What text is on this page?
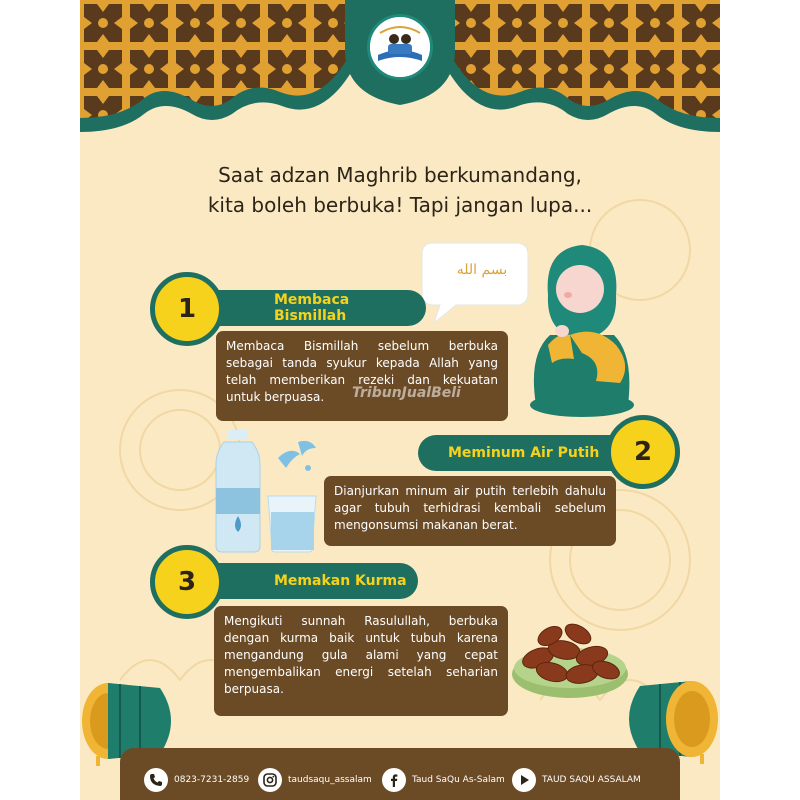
Saat adzan Maghrib berkumandang,
kita boleh berbuka! Tapi jangan lupa...
بسم الله
Membaca Bismillah
1
Membaca Bismillah sebelum berbuka sebagai tanda syukur kepada Allah yang telah memberikan rezeki dan kekuatan untuk berpuasa.
Meminum Air Putih 2
Dianjurkan minum air putih terlebih dahulu agar tubuh terhidrasi kembali sebelum mengonsumsi makanan berat.
Memakan Kurma
3
Mengikuti sunnah Rasulullah, berbuka dengan kurma baik untuk tubuh karena mengandung gula alami yang cepat mengembalikan energi setelah seharian berpuasa.
TribunJualBeli
0823-7231-2859	taudsaqu_assalam	Taud SaQu As-Salam	TAUD SAQU ASSALAM
